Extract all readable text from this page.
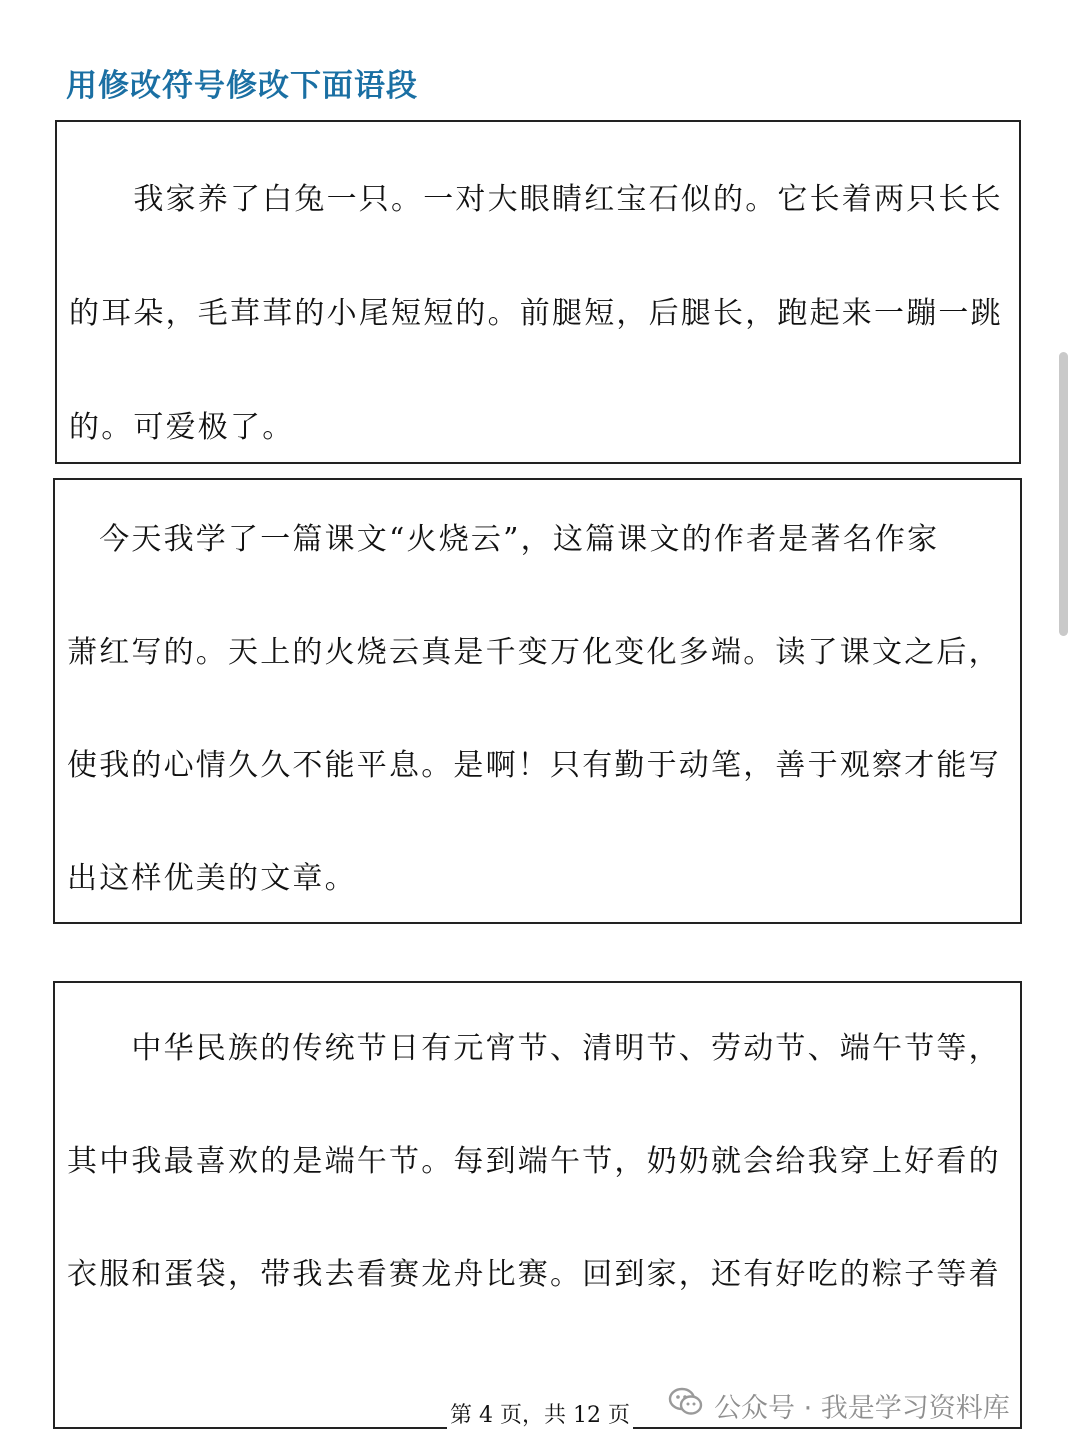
用修改符号修改下面语段
　　我家养了白兔一只。一对大眼睛红宝石似的。它长着两只长长
的耳朵，毛茸茸的小尾短短的。前腿短，后腿长，跑起来一蹦一跳
的。可爱极了。
　今天我学了一篇课文“火烧云”，这篇课文的作者是著名作家
萧红写的。天上的火烧云真是千变万化变化多端。读了课文之后，
使我的心情久久不能平息。是啊！只有勤于动笔，善于观察才能写
出这样优美的文章。
　　中华民族的传统节日有元宵节、清明节、劳动节、端午节等，
其中我最喜欢的是端午节。每到端午节，奶奶就会给我穿上好看的
衣服和蛋袋，带我去看赛龙舟比赛。回到家，还有好吃的粽子等着
第 4 页，共 12 页	公众号 · 我是学习资料库
